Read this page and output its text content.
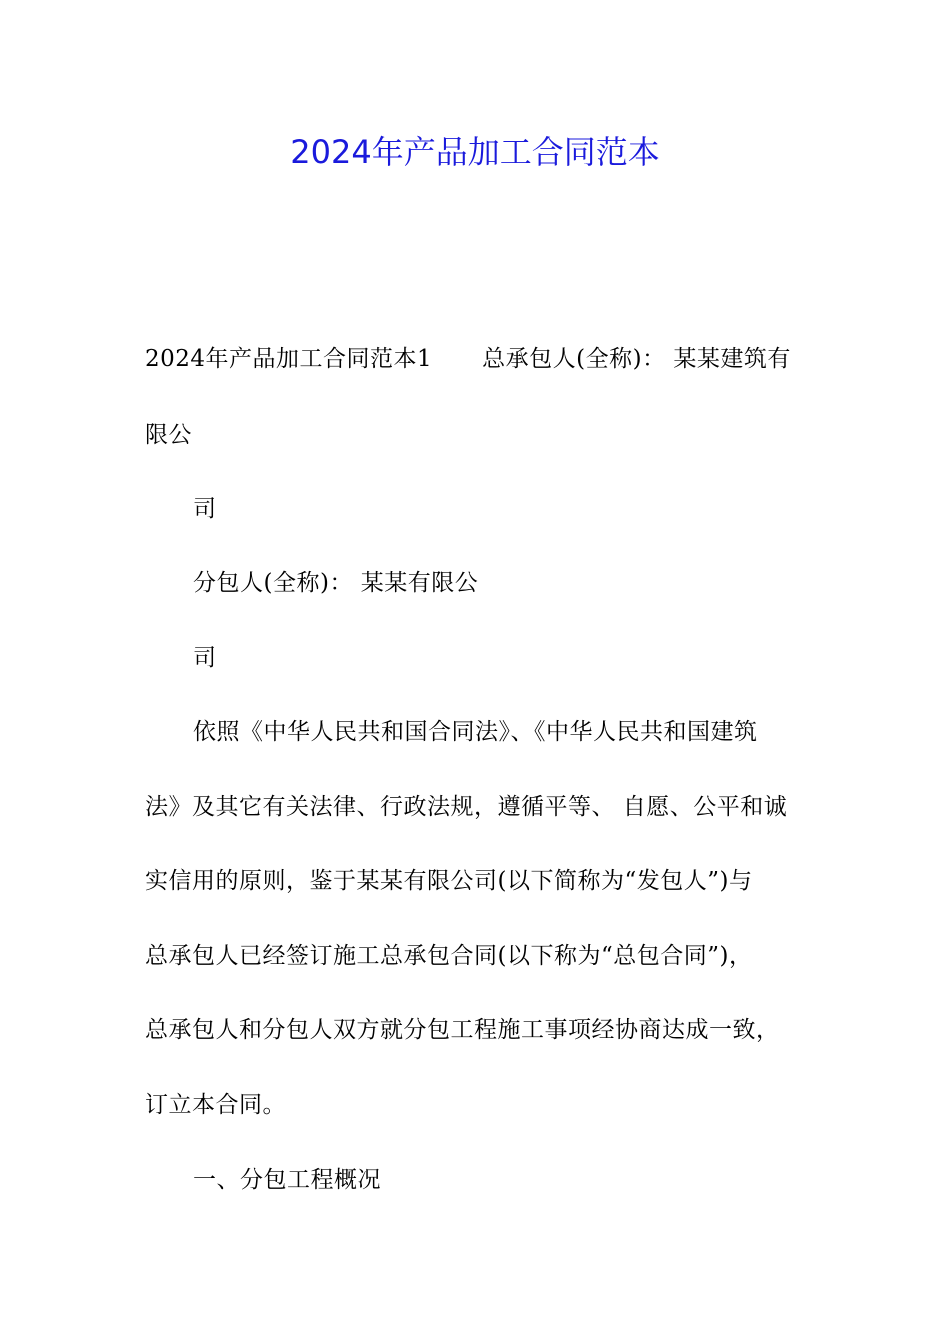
2024年产品加工合同范本
2024年产品加工合同范本1 总承包人(全称)： 某某建筑有
限公
司
分包人(全称)： 某某有限公
司
依照《中华人民共和国合同法》、《中华人民共和国建筑
法》及其它有关法律、行政法规，遵循平等、 自愿、公平和诚
实信用的原则，鉴于某某有限公司(以下简称为“发包人”)与
总承包人已经签订施工总承包合同(以下称为“总包合同”)，
总承包人和分包人双方就分包工程施工事项经协商达成一致，
订立本合同。
一、分包工程概况
